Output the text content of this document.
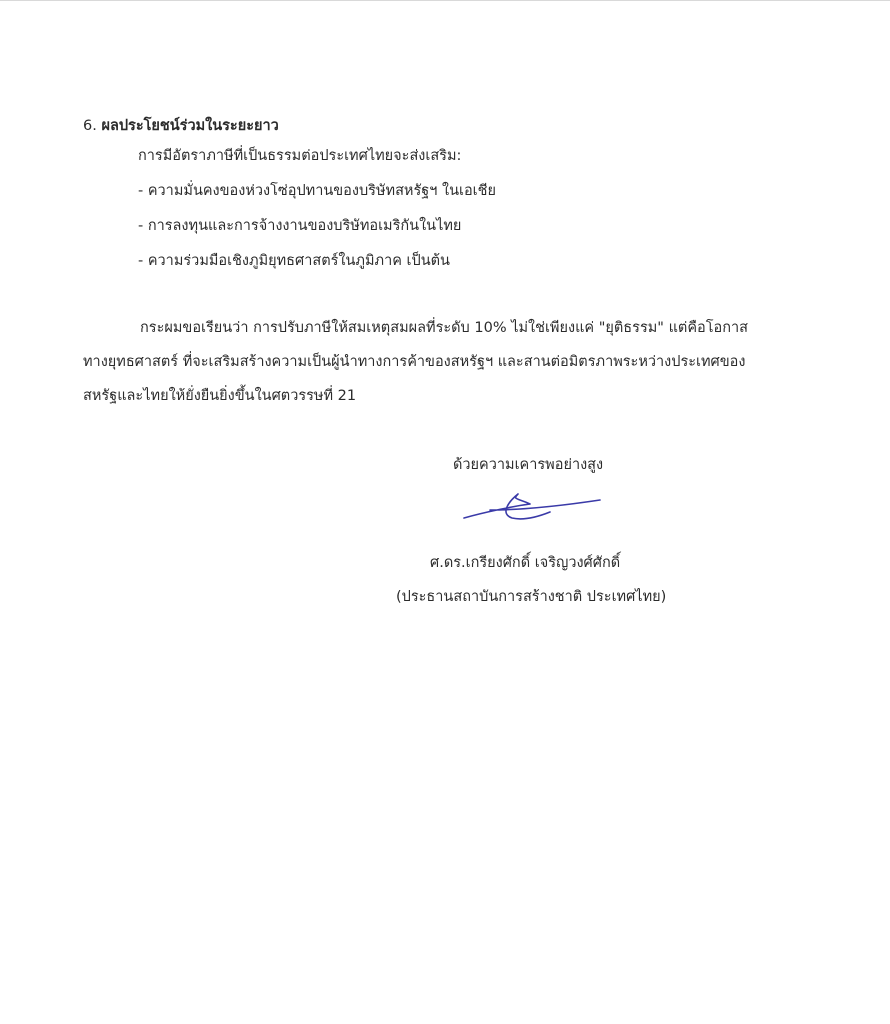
6. ผลประโยชน์ร่วมในระยะยาว
การมีอัตราภาษีที่เป็นธรรมต่อประเทศไทยจะส่งเสริม:
- ความมั่นคงของห่วงโซ่อุปทานของบริษัทสหรัฐฯ ในเอเชีย
- การลงทุนและการจ้างงานของบริษัทอเมริกันในไทย
- ความร่วมมือเชิงภูมิยุทธศาสตร์ในภูมิภาค เป็นต้น
กระผมขอเรียนว่า การปรับภาษีให้สมเหตุสมผลที่ระดับ 10% ไม่ใช่เพียงแค่ "ยุติธรรม" แต่คือโอกาส
ทางยุทธศาสตร์ ที่จะเสริมสร้างความเป็นผู้นำทางการค้าของสหรัฐฯ และสานต่อมิตรภาพระหว่างประเทศของ
สหรัฐและไทยให้ยั่งยืนยิ่งขึ้นในศตวรรษที่ 21
ด้วยความเคารพอย่างสูง
ศ.ดร.เกรียงศักดิ์ เจริญวงศ์ศักดิ์
(ประธานสถาบันการสร้างชาติ ประเทศไทย)
